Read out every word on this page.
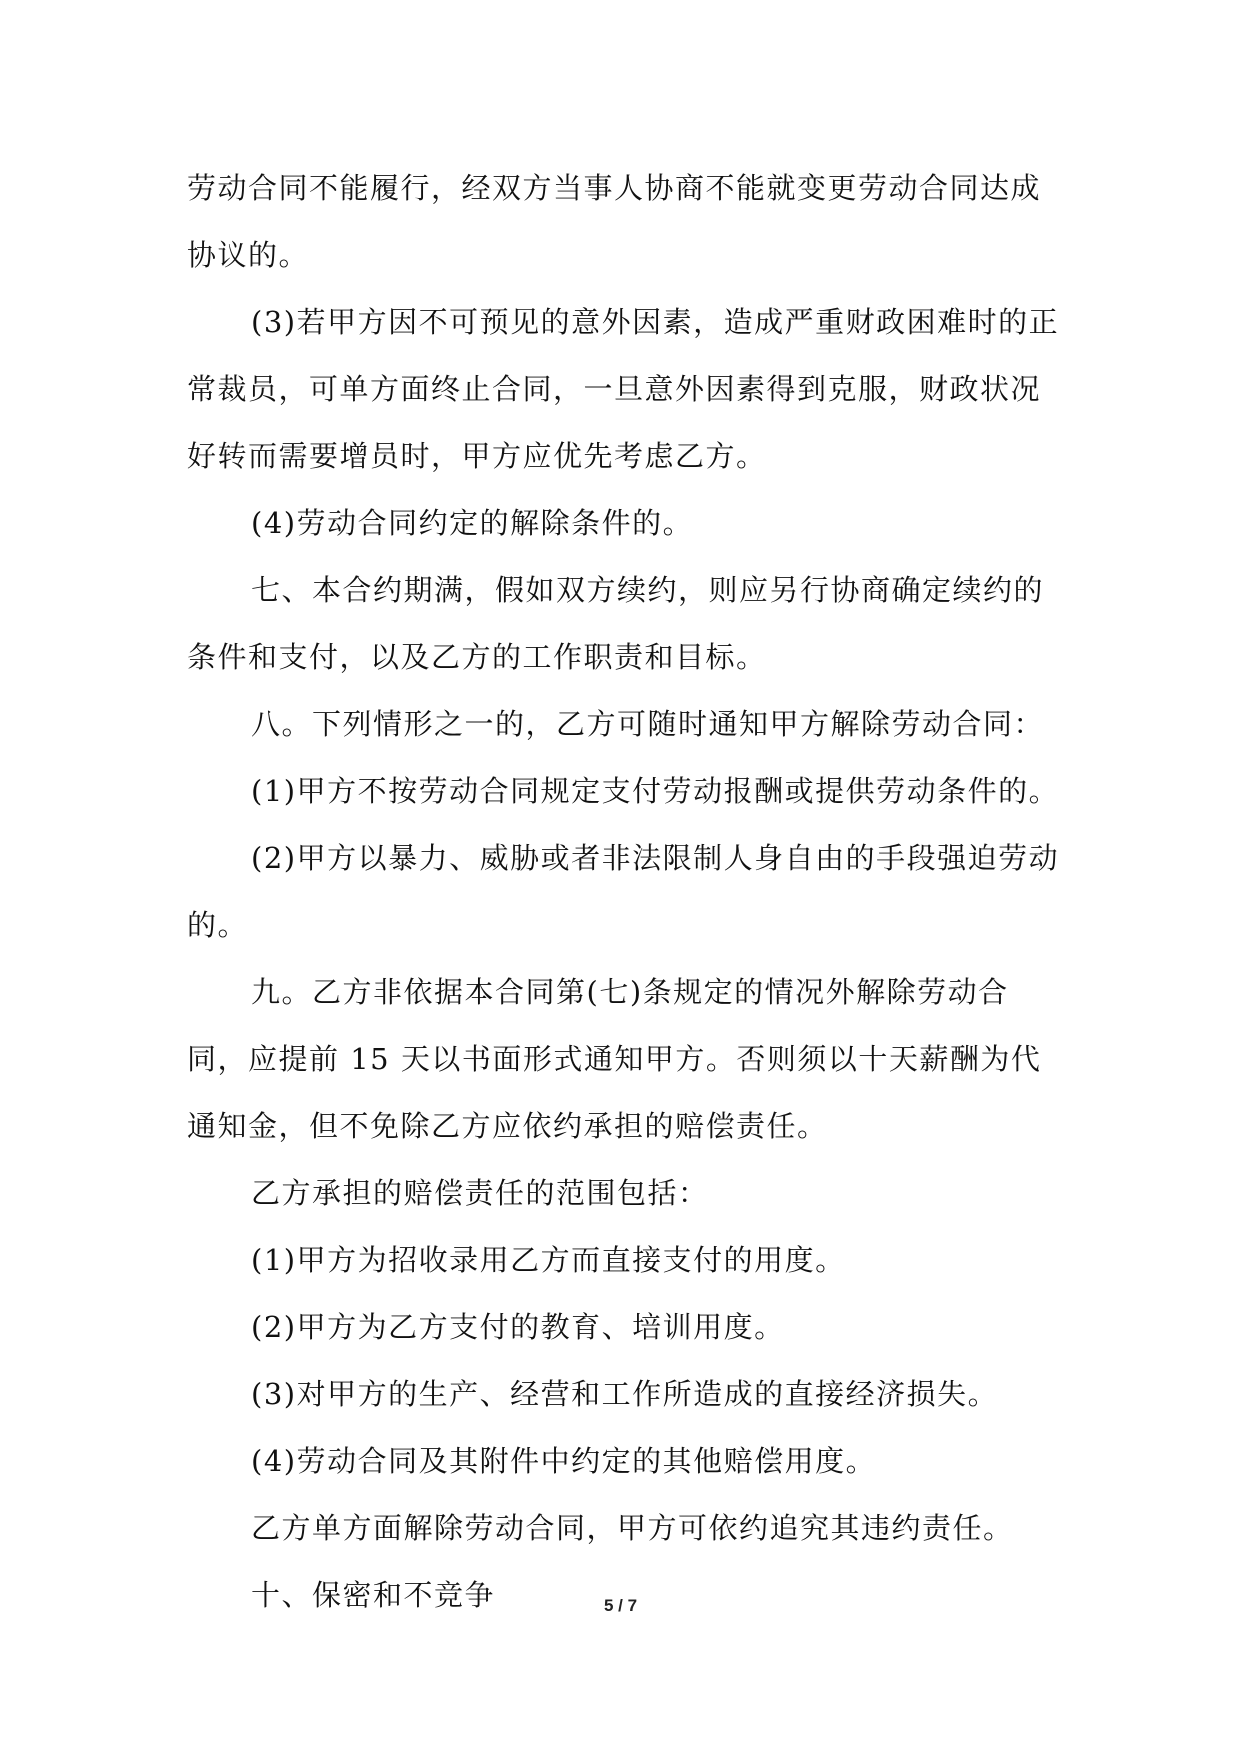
劳动合同不能履行，经双方当事人协商不能就变更劳动合同达成协议的。

(3)若甲方因不可预见的意外因素，造成严重财政困难时的正常裁员，可单方面终止合同，一旦意外因素得到克服，财政状况好转而需要增员时，甲方应优先考虑乙方。

(4)劳动合同约定的解除条件的。

七、本合约期满，假如双方续约，则应另行协商确定续约的条件和支付，以及乙方的工作职责和目标。

八。下列情形之一的，乙方可随时通知甲方解除劳动合同：

(1)甲方不按劳动合同规定支付劳动报酬或提供劳动条件的。

(2)甲方以暴力、威胁或者非法限制人身自由的手段强迫劳动的。

九。乙方非依据本合同第(七)条规定的情况外解除劳动合同，应提前 15 天以书面形式通知甲方。否则须以十天薪酬为代通知金，但不免除乙方应依约承担的赔偿责任。

乙方承担的赔偿责任的范围包括：

(1)甲方为招收录用乙方而直接支付的用度。

(2)甲方为乙方支付的教育、培训用度。

(3)对甲方的生产、经营和工作所造成的直接经济损失。

(4)劳动合同及其附件中约定的其他赔偿用度。

乙方单方面解除劳动合同，甲方可依约追究其违约责任。

十、保密和不竞争	5 / 7
